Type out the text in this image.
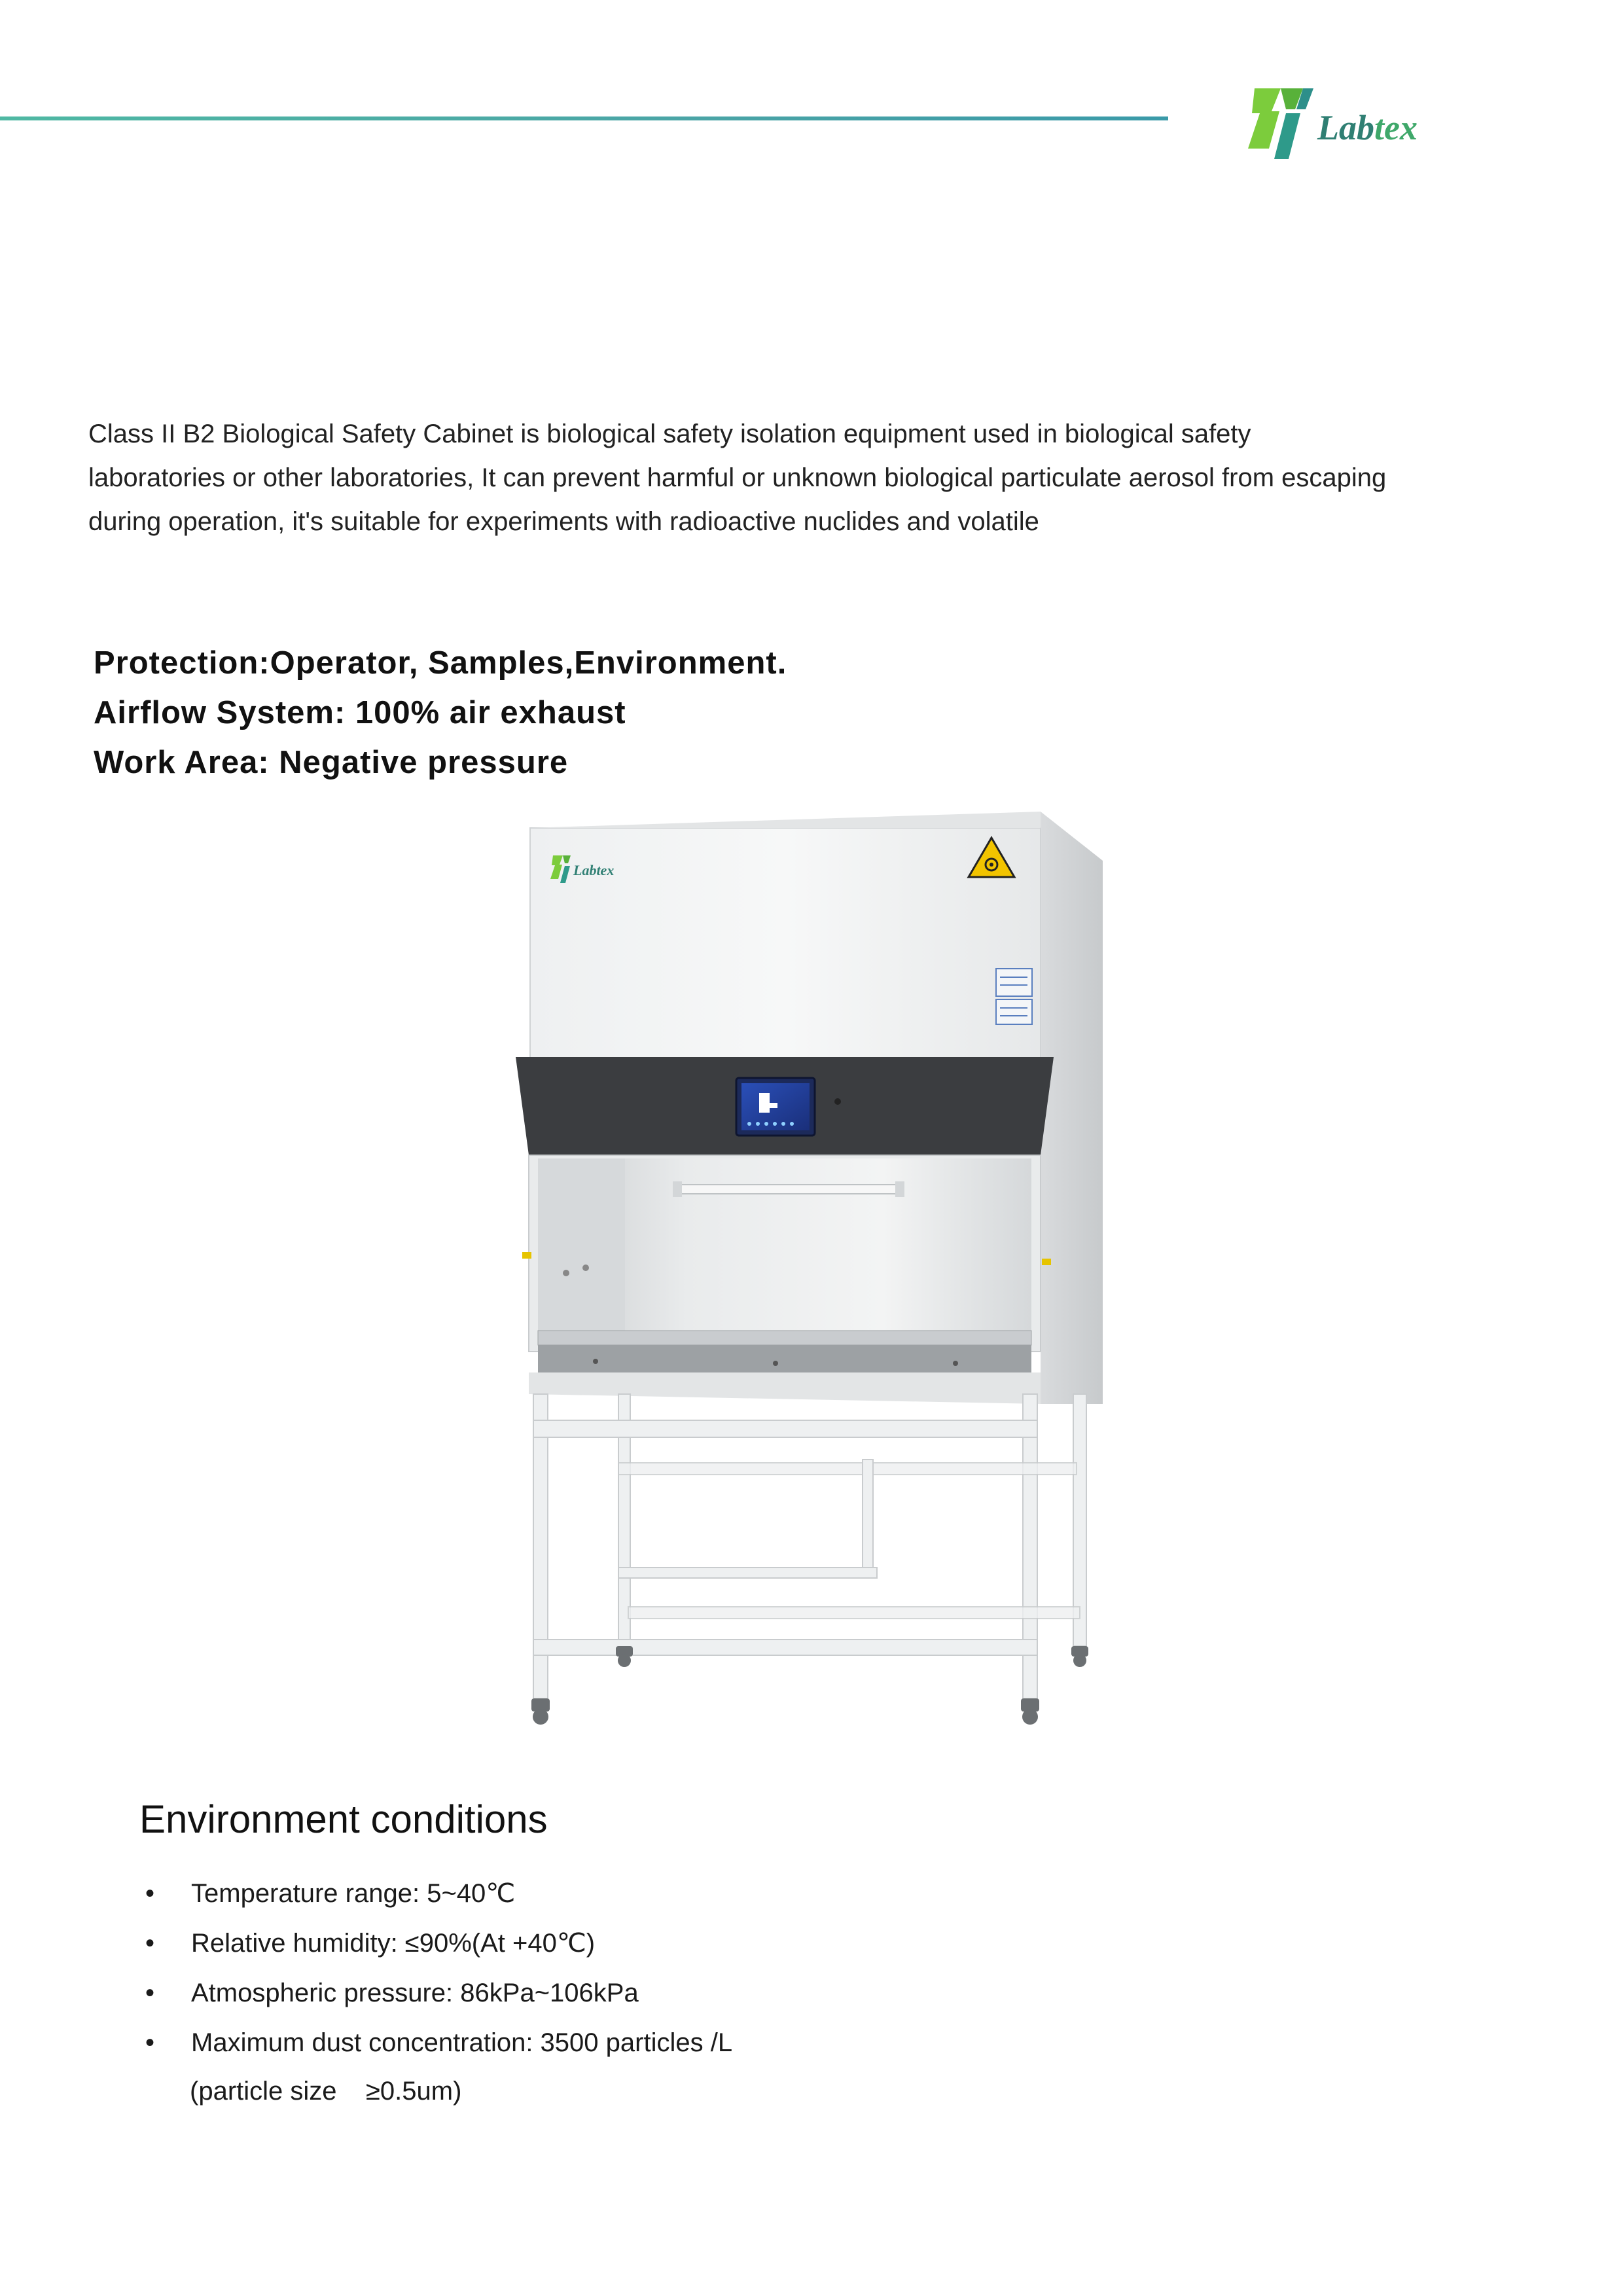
Labtex
Class II B2 Biological Safety Cabinet is biological safety isolation equipment used in biological safety laboratories or other laboratories, It can prevent harmful or unknown biological particulate aerosol from escaping during operation, it's suitable for experiments with radioactive nuclides and volatile
Protection:Operator, Samples,Environment.
Airflow System: 100% air exhaust
Work Area: Negative pressure
Labtex
Environment conditions
• Temperature range: 5~40℃
• Relative humidity: ≤90%(At +40℃)
• Atmospheric pressure: 86kPa~106kPa
• Maximum dust concentration: 3500 particles /L
(particle size    ≥0.5um)
